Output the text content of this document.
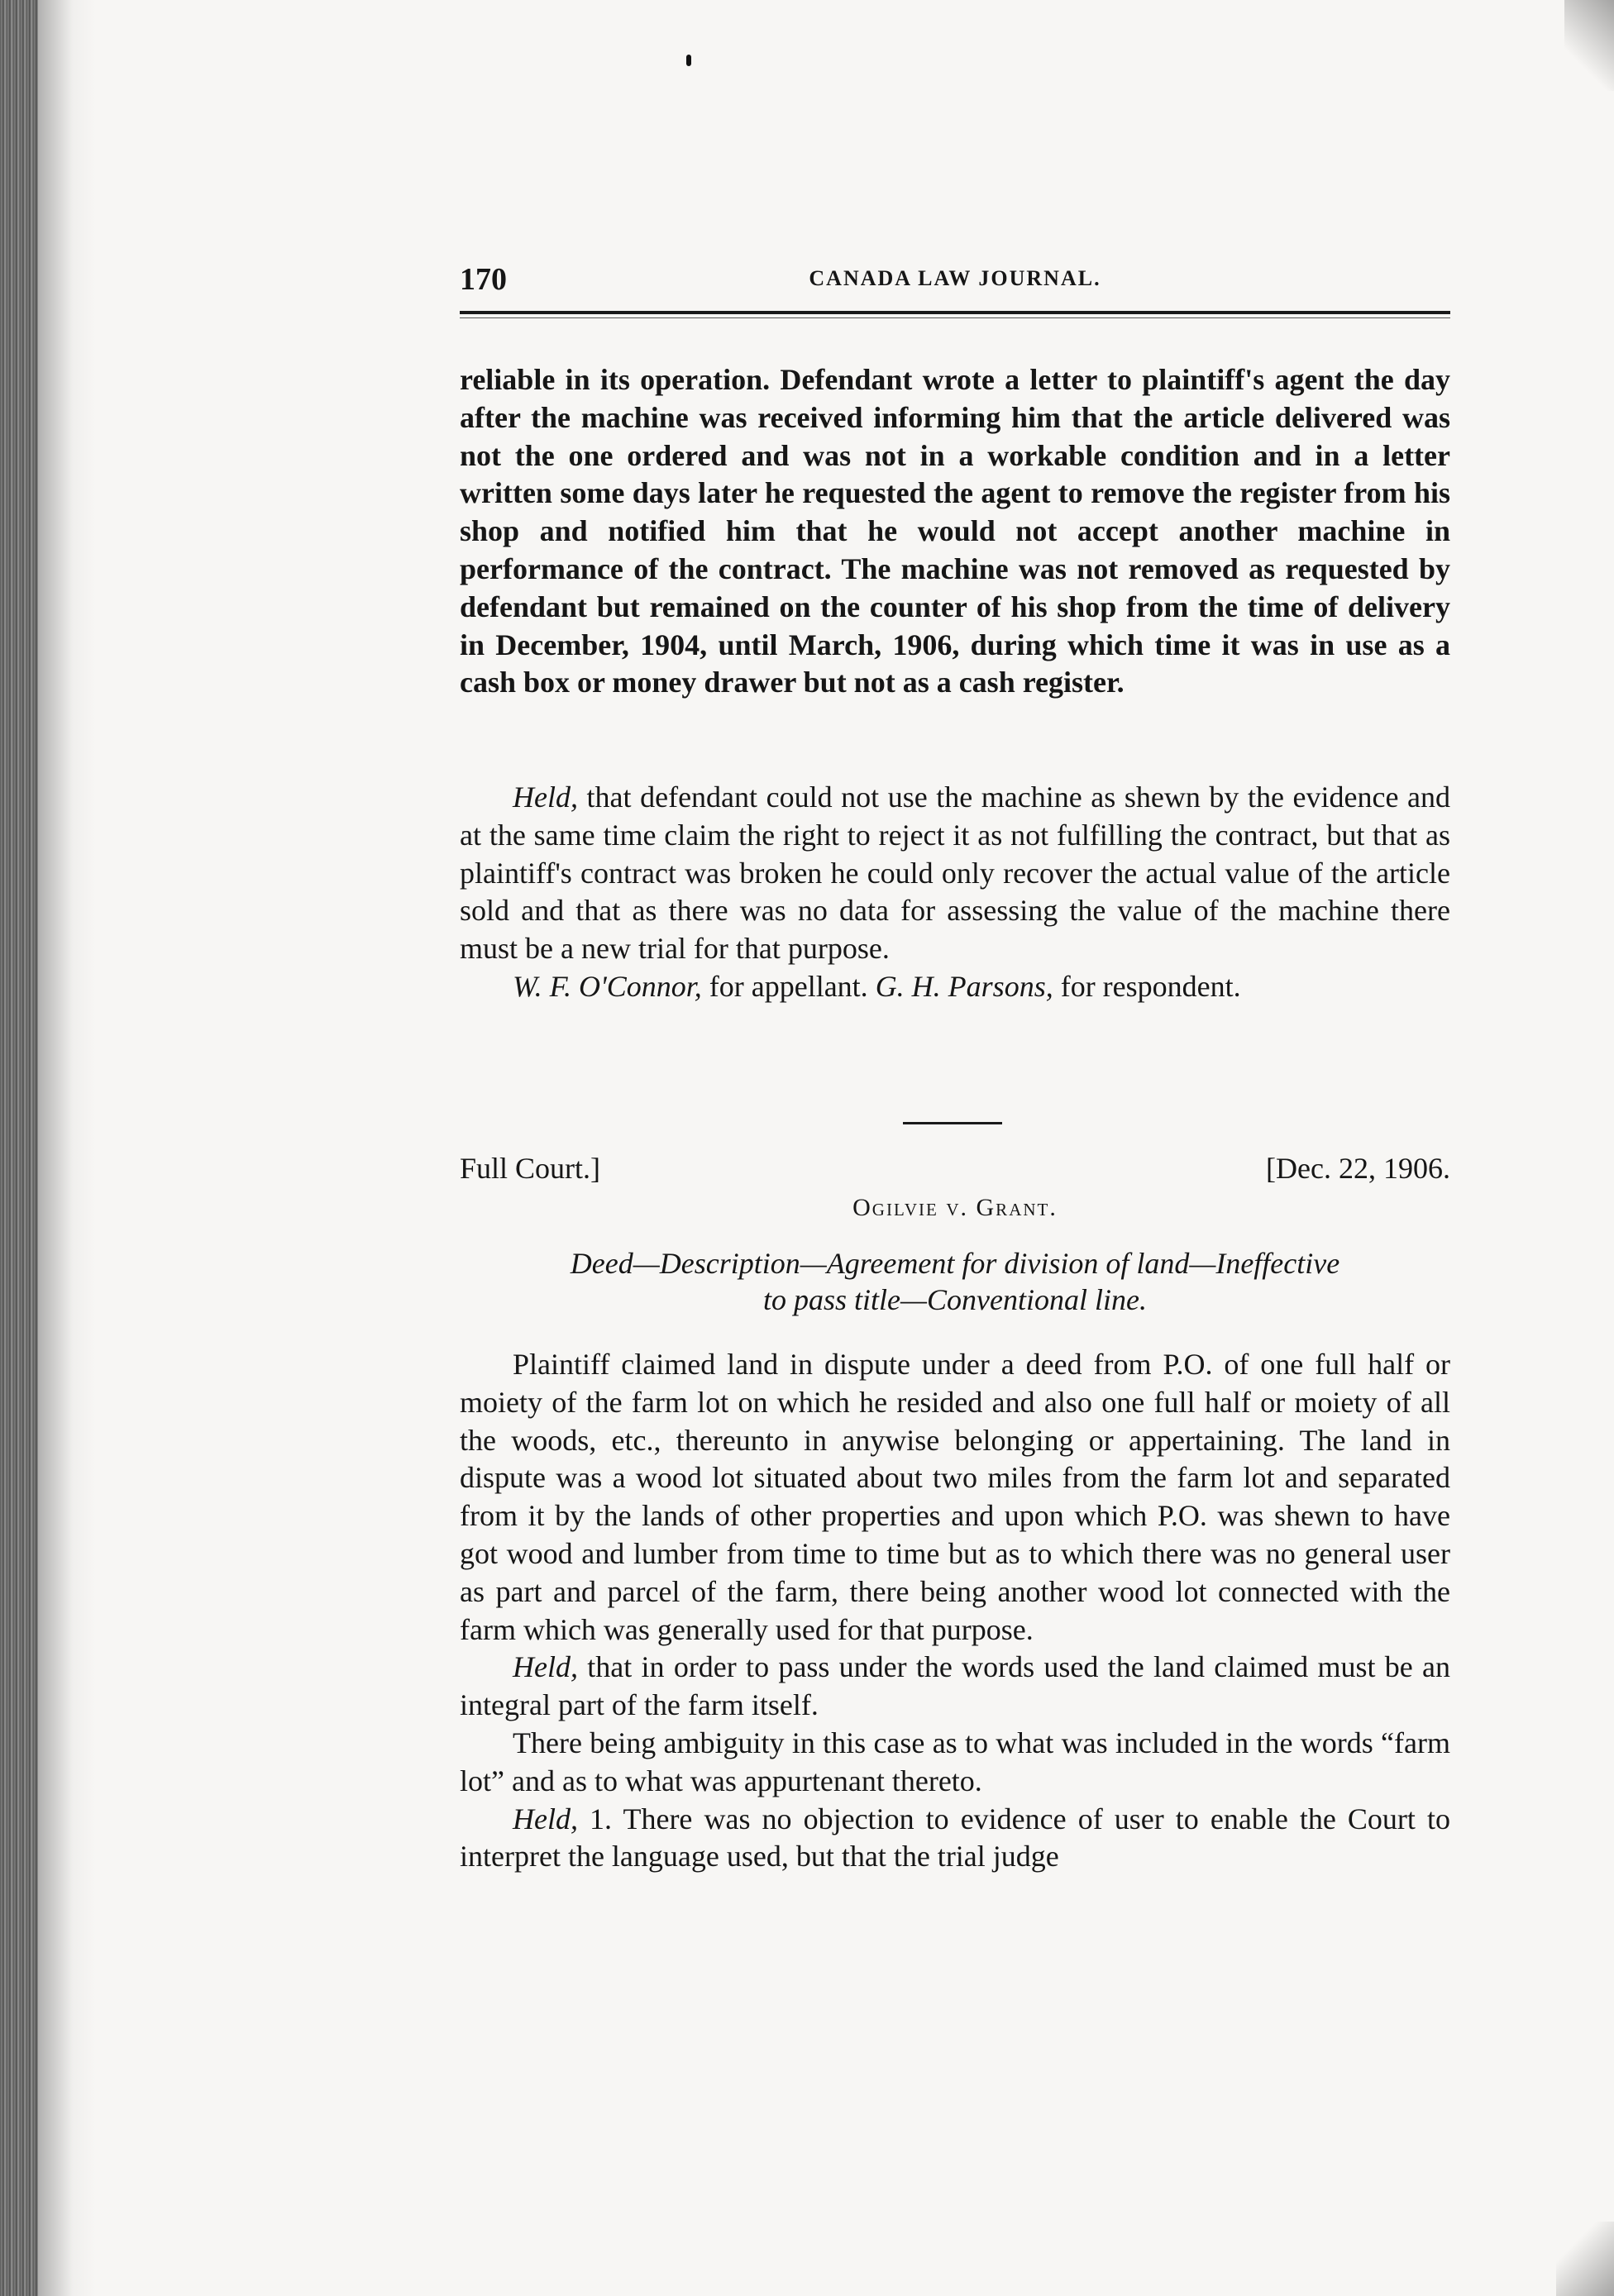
170	CANADA LAW JOURNAL.

reliable in its operation. Defendant wrote a letter to plaintiff's agent the day after the machine was received informing him that the article delivered was not the one ordered and was not in a workable condition and in a letter written some days later he requested the agent to remove the register from his shop and notified him that he would not accept another machine in performance of the contract. The machine was not removed as requested by defendant but remained on the counter of his shop from the time of delivery in December, 1904, until March, 1906, during which time it was in use as a cash box or money drawer but not as a cash register.

Held, that defendant could not use the machine as shewn by the evidence and at the same time claim the right to reject it as not fulfilling the contract, but that as plaintiff's contract was broken he could only recover the actual value of the article sold and that as there was no data for assessing the value of the machine there must be a new trial for that purpose.

W. F. O'Connor, for appellant. G. H. Parsons, for respondent.

Full Court.]	[Dec. 22, 1906.
Ogilvie v. Grant.
Deed—Description—Agreement for division of land—Ineffective
to pass title—Conventional line.

Plaintiff claimed land in dispute under a deed from P.O. of one full half or moiety of the farm lot on which he resided and also one full half or moiety of all the woods, etc., thereunto in anywise belonging or appertaining. The land in dispute was a wood lot situated about two miles from the farm lot and separated from it by the lands of other properties and upon which P.O. was shewn to have got wood and lumber from time to time but as to which there was no general user as part and parcel of the farm, there being another wood lot connected with the farm which was generally used for that purpose.

Held, that in order to pass under the words used the land claimed must be an integral part of the farm itself.

There being ambiguity in this case as to what was included in the words “farm lot” and as to what was appurtenant thereto.

Held, 1. There was no objection to evidence of user to enable the Court to interpret the language used, but that the trial judge
